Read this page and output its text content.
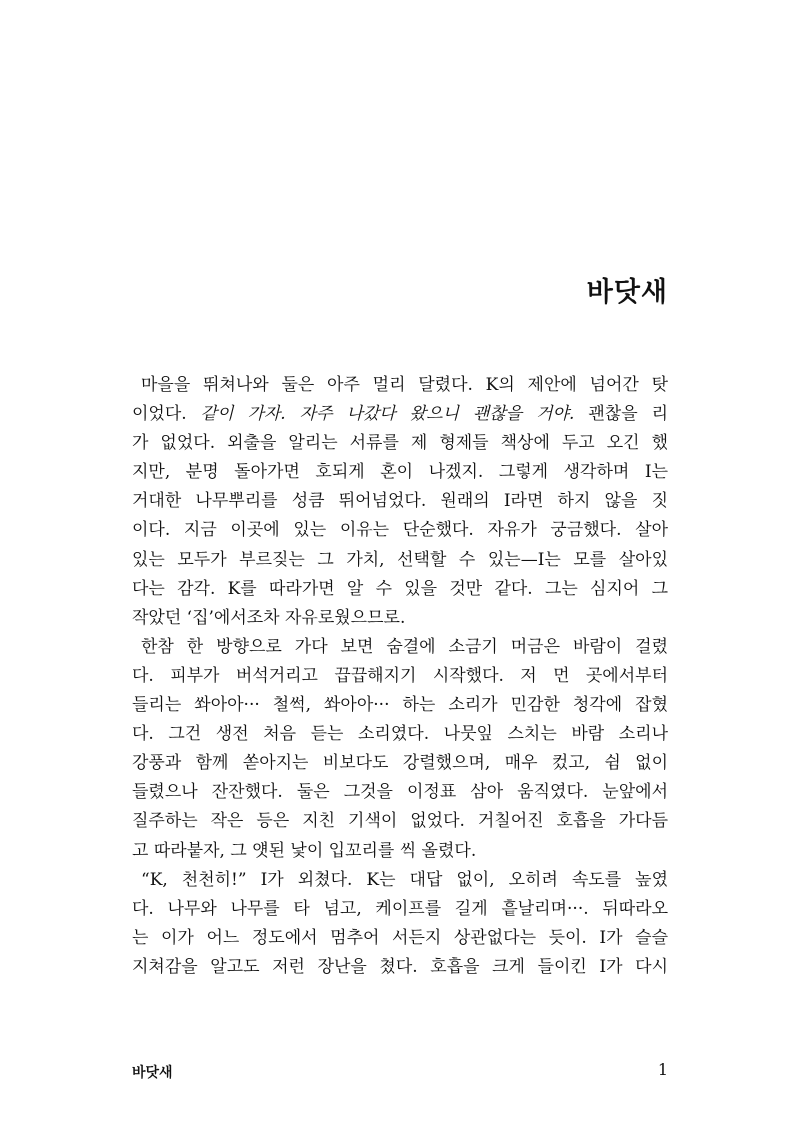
바닷새
마을을 뛰쳐나와 둘은 아주 멀리 달렸다. K의 제안에 넘어간 탓
이었다. 같이 가자. 자주 나갔다 왔으니 괜찮을 거야. 괜찮을 리
가 없었다. 외출을 알리는 서류를 제 형제들 책상에 두고 오긴 했
지만, 분명 돌아가면 호되게 혼이 나겠지. 그렇게 생각하며 I는
거대한 나무뿌리를 성큼 뛰어넘었다. 원래의 I라면 하지 않을 짓
이다. 지금 이곳에 있는 이유는 단순했다. 자유가 궁금했다. 살아
있는 모두가 부르짖는 그 가치, 선택할 수 있는—I는 모를 살아있
다는 감각. K를 따라가면 알 수 있을 것만 같다. 그는 심지어 그
작았던 ‘집’에서조차 자유로웠으므로.
한참 한 방향으로 가다 보면 숨결에 소금기 머금은 바람이 걸렸
다. 피부가 버석거리고 끕끕해지기 시작했다. 저 먼 곳에서부터
들리는 쏴아아··· 철썩, 쏴아아··· 하는 소리가 민감한 청각에 잡혔
다. 그건 생전 처음 듣는 소리였다. 나뭇잎 스치는 바람 소리나
강풍과 함께 쏟아지는 비보다도 강렬했으며, 매우 컸고, 쉼 없이
들렸으나 잔잔했다. 둘은 그것을 이정표 삼아 움직였다. 눈앞에서
질주하는 작은 등은 지친 기색이 없었다. 거칠어진 호흡을 가다듬
고 따라붙자, 그 얫된 낯이 입꼬리를 씩 올렸다.
“K, 천천히!” I가 외쳤다. K는 대답 없이, 오히려 속도를 높였
다. 나무와 나무를 타 넘고, 케이프를 길게 흩날리며···. 뒤따라오
는 이가 어느 정도에서 멈추어 서든지 상관없다는 듯이. I가 슬슬
지쳐감을 알고도 저런 장난을 쳤다. 호흡을 크게 들이킨 I가 다시
바닷새	1
